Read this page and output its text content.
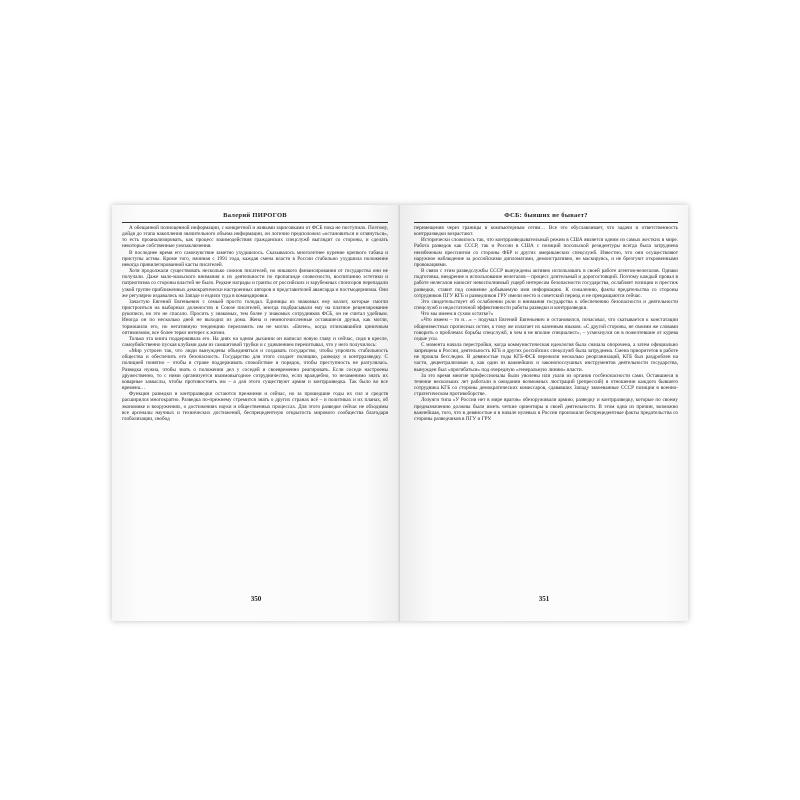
Валерий ПИРОГОВ

А обещанной полноценной информации, с конкретной и живыми зарисовками от ФСБ пока не поступило. Поэтому, дойдя до этапа накопления значительного объема информации, он логично предположил «остановиться и оглянуться», то есть проанализировать, как процесс взаимодействия гражданских спецслужб выглядит со стороны, и сделать некоторые собственные умозаключения.

В последнее время его самочувствие заметно ухудшилось. Сказывалось многолетнее курение крепкого табака и приступы астмы. Кроме того, начиная с 1991 года, каждая смена власти в России стабильно ухудшила положение некогда привилегированной касты писателей.

Хотя продолжали существовать несколько союзов писателей, но никакого финансирования от государства они не получали. Даже мало-мальского внимания к их деятельности по пропаганде словесности, воспитанию эстетики и патриотизма со стороны властей не было. Редкие награды и гранты от российских и зарубежных спонсоров перепадали узкой группе приближенных демократически настроенных авторов и представителей авангарда и постмодернизма. Они же регулярно издавались на Западе и ездили туда в командировки.

Зачастую Евгений Евгеньевич с семьей просто голодал. Единицы из знакомых ему коллег, которые смогли пристроиться на выборных должностях в Союзе писателей, иногда подбрасывали ему на платное рецензирование рукописи, но это не спасало. Просить у знакомых, тем более у знакомых сотрудников ФСБ, он не считал удобным. Иногда он по несколько дней не выходил из дома. Жена и немногочисленные оставшиеся друзья, как могли, тормошили его, но негативную тенденцию переломить им не могли. «Евген», когда отличавшийся циничным оптимизмом, все более терял интерес к жизни.

Только эта книга поддерживала его. На днях на одном дыхании он написал новую главу и сейчас, сидя в кресле, самоубийственно пуская клубами дым из самшитовой трубки и с удивлением перечитывал, что у него получилось:

«Мир устроен так, что люди вынуждены объединяться и создавать государство, чтобы упрочить стабильность общества и обеспечить его безопасность. Государство для этого создает полицию, разведку и контрразведку. С полицией понятно – чтобы в стране поддерживать спокойствие и порядок, чтобы преступность не разгулялась. Разведка нужна, чтобы знать о положении дел у соседей и своевременно реагировать. Если соседи настроены дружественно, то с ними организуется взаимовыгодное сотрудничество, если враждебно, то незаменимо знать их коварные замыслы, чтобы противостоять им – а для этого существуют армия и контрразведка. Так было во все времена…

Функции разведки и контрразведки остаются прежними и сейчас, но за прошедшие годы их сил и средств расширился многократно. Разведка по-прежнему стремится знать о других странах всё – и политиках и их планах, об экономике и вооружениях, о достижениях науки и общественных процессах. Для этого разведке сейчас не обходимы все арсеналы научных и технических достижений, беспрецедентную открытость мирового сообщества благодаря глобализации, свобод

350
ФСБ: бывших не бывает?

перемещения через границы и компьютерным сетям… Все это обуславливает, что задачи и ответственность контрразведки возрастают.

Исторически сложилось так, что контрразведывательный режим в США является одним из самых жестких в мире. Работа разведок как СССР, так и России в США с позиций посольской резидентуры всегда была затруднена неизбежным прессингом со стороны ФБР и других американских спецслужб. Известно, что они осуществляют наружное наблюдение за российскими дипломатами, демонстративно, не маскируясь, и не брезгуют откровенными провокациями.

В связи с этим разведслужбы СССР вынуждены активно использовать в своей работе агентов-нелегалов. Однако подготовка, внедрение и использование нелегалов – процесс длительный и дорогостоящий. Поэтому каждый провал в работе нелегалов наносит невосполнимый ущерб интересам безопасности государства, ослабляет позиции и престиж разведки, ставит под сомнение добываемую ими информацию. К сожалению, факты предательства со стороны сотрудников ПГУ КГБ и разведчиков ГРУ имели место и советский период и не прекращаются сейчас.

Это свидетельствует об ослаблении роли и внимания государства к обеспечению безопасности и деятельности спецслужб и недостаточной эффективности работы разведки и контрразведки.

Что мы имеем в сухом остатке?»

«Что имеем – то и…» – подумал Евгений Евгеньевич и остановился, почасовал, что скатывается к констатации общеизвестных прописных истин, к тому же излагает их казенным языком. «С другой стороны, не своими же словами говорить о проблемах борьбы спецслужб, в чем я не вполне специалист», – усмехнулся он в пожелтевшие от курева седые усы.

С момента начала перестройки, когда коммунистическая идеология была сначала опорочена, а затем официально запрещена в России, деятельность КГБ и других российских спецслужб была затруднена. Смена приоритетов в работе не прошла бесследно. В девяностые годы КГБ-ФСБ пережили несколько реорганизаций, КГБ был раздроблен на части, децентрализован и, как один из важнейших и законопослушных инструментов деятельности государства, вынужден был «прогибаться» под очередную «генеральную линию» власти.

За это время многие профессионалы были уволены или ушли из органов госбезопасности сами. Оставшиеся в течение нескольких лет работали в ожидании возможных люстраций (репрессий) в отношении каждого бывшего сотрудника КГБ со стороны демократических комиссаров, сдававших Западу завоеванные СССР позиции в военно-стратегическом противоборстве.

Лозунги типа «У России нет в мире врагов» обезоруживали армию, разведку и контрразведку, которые по своему предназначению должны были иметь четкие ориентиры в своей деятельности. В этом одна из причин, возможно важнейшая, того, что в девяностые и в начале нулевых в России произошли беспрецедентные факты предательства со стороны разведчиков в ПГУ и ГРУ.

351
